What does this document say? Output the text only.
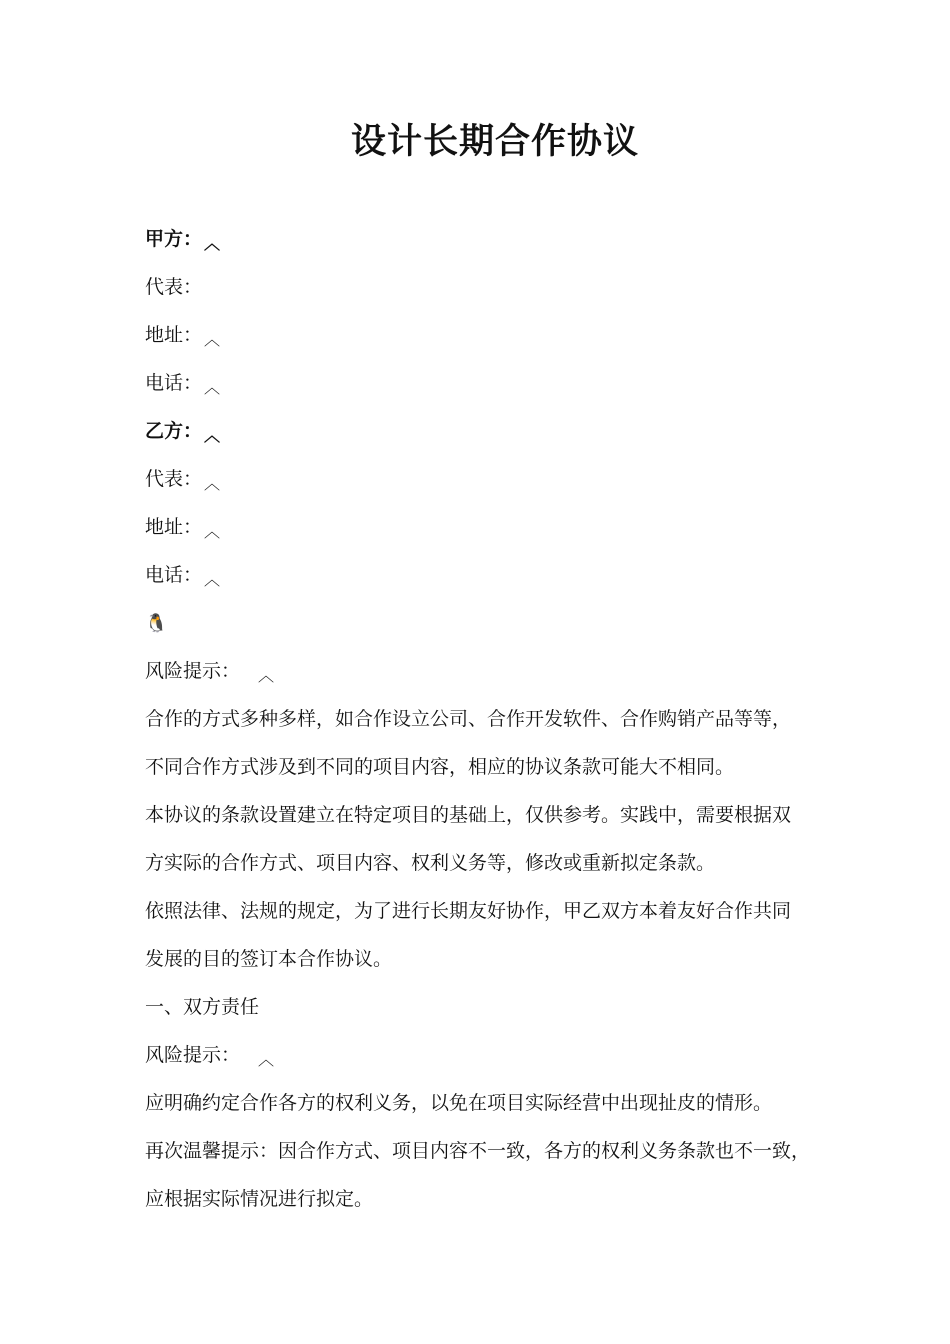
设计长期合作协议
甲方： ︿
代表：
地址： ︿
电话： ︿
乙方： ︿
代表： ︿
地址： ︿
电话： ︿
🐧
风险提示： ︿
合作的方式多种多样，如合作设立公司、合作开发软件、合作购销产品等等，
不同合作方式涉及到不同的项目内容，相应的协议条款可能大不相同。
本协议的条款设置建立在特定项目的基础上，仅供参考。实践中，需要根据双
方实际的合作方式、项目内容、权利义务等，修改或重新拟定条款。
依照法律、法规的规定，为了进行长期友好协作，甲乙双方本着友好合作共同
发展的目的签订本合作协议。
一、双方责任
风险提示： ︿
应明确约定合作各方的权利义务，以免在项目实际经营中出现扯皮的情形。
再次温馨提示：因合作方式、项目内容不一致，各方的权利义务条款也不一致，
应根据实际情况进行拟定。
